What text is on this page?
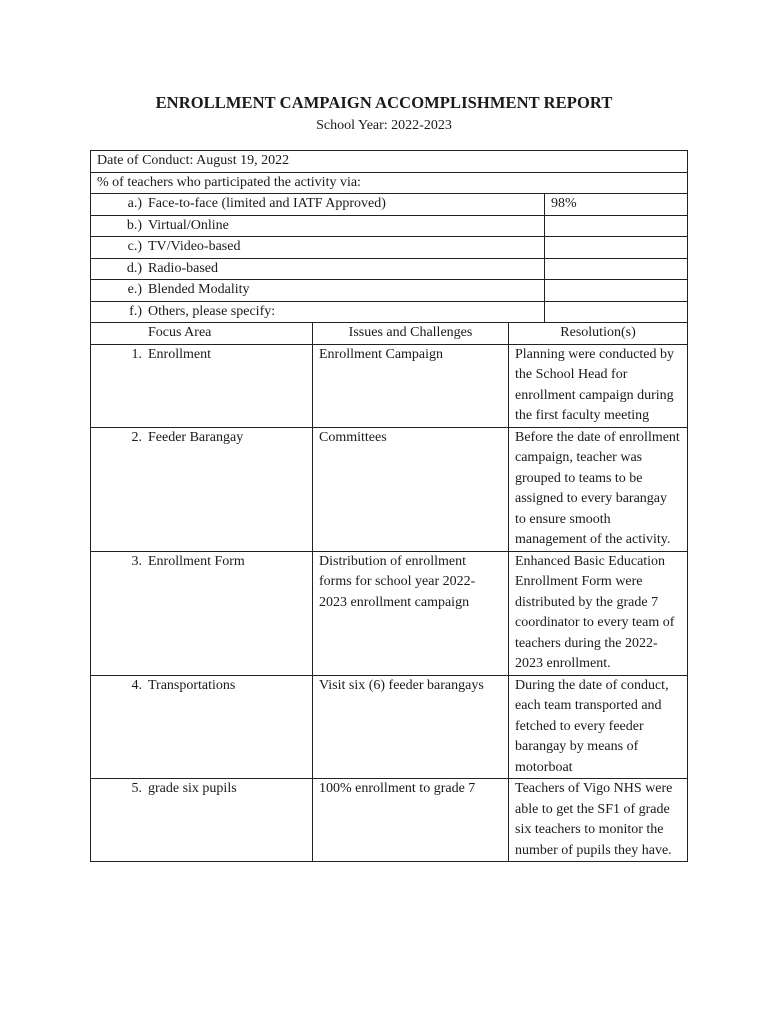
ENROLLMENT CAMPAIGN ACCOMPLISHMENT REPORT
School Year: 2022-2023
Date of Conduct: August 19, 2022			
% of teachers who participated the activity via:			
a.) Face-to-face (limited and IATF Approved)			98%
b.) Virtual/Online			
c.) TV/Video-based			
d.) Radio-based			
e.) Blended Modality			
f.) Others, please specify:			
Focus Area	Issues and Challenges	Resolution(s)	
1. Enrollment	Enrollment Campaign	Planning were conducted by the School Head for enrollment campaign during the first faculty meeting	
2. Feeder Barangay	Committees	Before the date of enrollment campaign, teacher was grouped to teams to be assigned to every barangay to ensure smooth management of the activity.	
3. Enrollment Form	Distribution of enrollment forms for school year 2022-2023 enrollment campaign	Enhanced Basic Education Enrollment Form were distributed by the grade 7 coordinator to every team of teachers during the 2022-2023 enrollment.	
4. Transportations	Visit six (6) feeder barangays	During the date of conduct, each team transported and fetched to every feeder barangay by means of motorboat	
5. grade six pupils	100% enrollment to grade 7	Teachers of Vigo NHS were able to get the SF1 of grade six teachers to monitor the number of pupils they have.	
